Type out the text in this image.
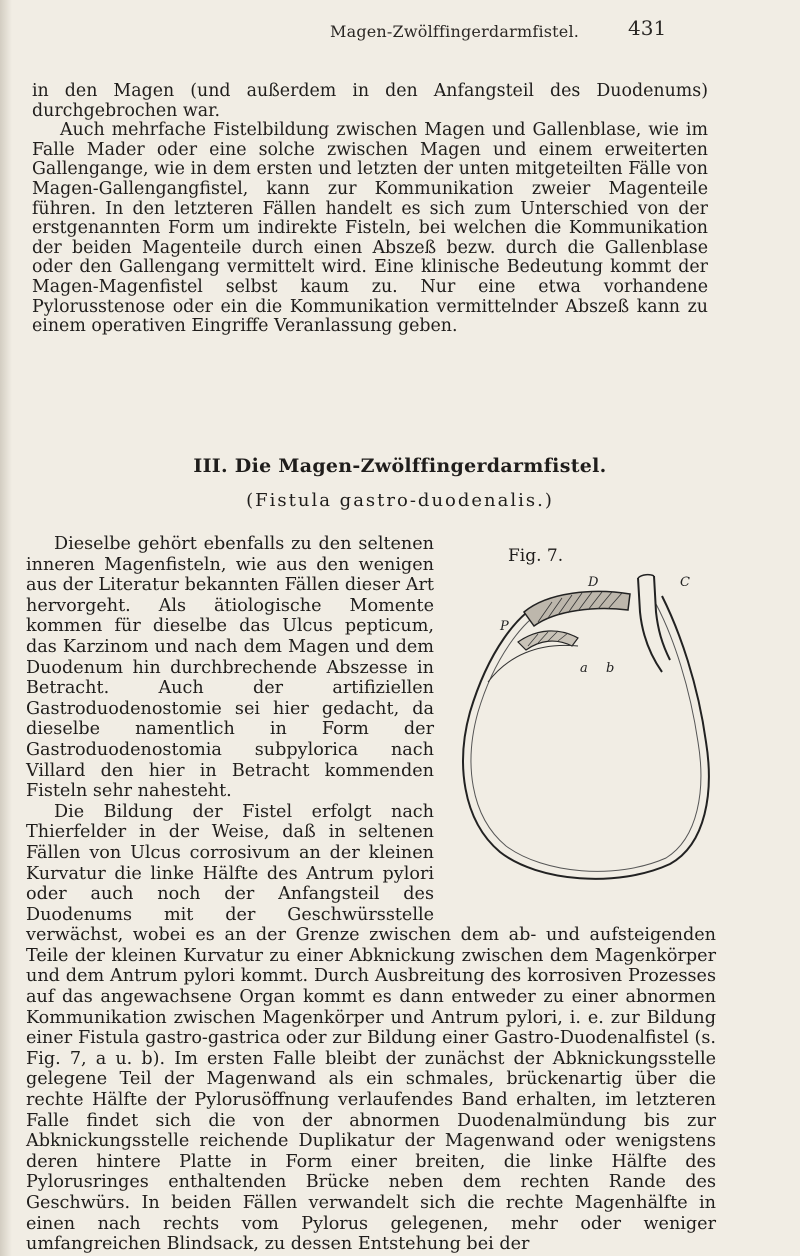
Magen-Zwölffingerdarmfistel. 431

in den Magen (und außerdem in den Anfangsteil des Duodenums) durchgebrochen war.

Auch mehrfache Fistelbildung zwischen Magen und Gallenblase, wie im Falle Mader oder eine solche zwischen Magen und einem erweiterten Gallengange, wie in dem ersten und letzten der unten mitgeteilten Fälle von Magen-Gallengangfistel, kann zur Kommunikation zweier Magenteile führen. In den letzteren Fällen handelt es sich zum Unterschied von der erstgenannten Form um indirekte Fisteln, bei welchen die Kommunikation der beiden Magenteile durch einen Abszeß bezw. durch die Gallenblase oder den Gallengang vermittelt wird. Eine klinische Bedeutung kommt der Magen-Magenfistel selbst kaum zu. Nur eine etwa vorhandene Pylorusstenose oder ein die Kommunikation vermittelnder Abszeß kann zu einem operativen Eingriffe Veranlassung geben.

III. Die Magen-Zwölffingerdarmfistel.
(Fistula gastro-duodenalis.)

Fig. 7.
D	C
P
a b
Dieselbe gehört ebenfalls zu den seltenen inneren Magenfisteln, wie aus den wenigen aus der Literatur bekannten Fällen dieser Art hervorgeht. Als ätiologische Momente kommen für dieselbe das Ulcus pepticum, das Karzinom und nach dem Magen und dem Duodenum hin durchbrechende Abszesse in Betracht. Auch der artifiziellen Gastroduodenostomie sei hier gedacht, da dieselbe namentlich in Form der Gastroduodenostomia subpylorica nach Villard den hier in Betracht kommenden Fisteln sehr nahesteht.

Die Bildung der Fistel erfolgt nach Thierfelder in der Weise, daß in seltenen Fällen von Ulcus corrosivum an der kleinen Kurvatur die linke Hälfte des Antrum pylori oder auch noch der Anfangsteil des Duodenums mit der Geschwürsstelle verwächst, wobei es an der Grenze zwischen dem ab- und aufsteigenden Teile der kleinen Kurvatur zu einer Abknickung zwischen dem Magenkörper und dem Antrum pylori kommt. Durch Ausbreitung des korrosiven Prozesses auf das angewachsene Organ kommt es dann entweder zu einer abnormen Kommunikation zwischen Magenkörper und Antrum pylori, i. e. zur Bildung einer Fistula gastro-gastrica oder zur Bildung einer Gastro-Duodenalfistel (s. Fig. 7, a u. b). Im ersten Falle bleibt der zunächst der Abknickungsstelle gelegene Teil der Magenwand als ein schmales, brückenartig über die rechte Hälfte der Pylorusöffnung verlaufendes Band erhalten, im letzteren Falle findet sich die von der abnormen Duodenalmündung bis zur Abknickungsstelle reichende Duplikatur der Magenwand oder wenigstens deren hintere Platte in Form einer breiten, die linke Hälfte des Pylorusringes enthaltenden Brücke neben dem rechten Rande des Geschwürs. In beiden Fällen verwandelt sich die rechte Magenhälfte in einen nach rechts vom Pylorus gelegenen, mehr oder weniger umfangreichen Blindsack, zu dessen Entstehung bei der
